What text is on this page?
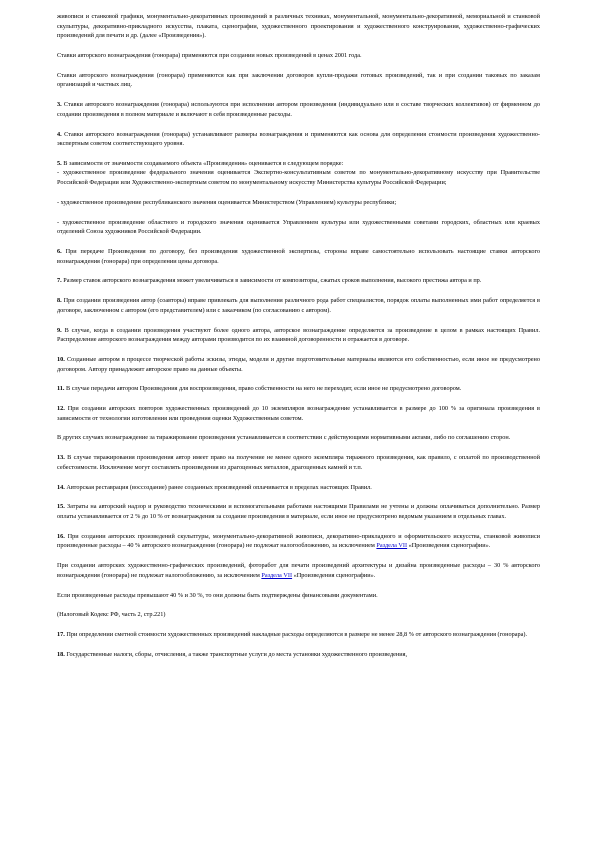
живописи и станковой графики, монументально-декоративных произведений в различных техниках, монументальной, монументально-декоративной, мемориальной и станковой скульптуры, декоративно-прикладного искусства, плаката, сценографии, художественного проектирования и художественного конструирования, художественно-графических произведений для печати и др. (далее «Произведения»).

Ставки авторского вознаграждения (гонорара) применяются при создании новых произведений в ценах 2001 года.

Ставки авторского вознаграждения (гонорара) применяются как при заключении договоров купли-продажи готовых произведений, так и при создании таковых по заказам организаций и частных лиц.

3. Ставки авторского вознаграждения (гонорара) используются при исполнении автором произведения (индивидуально или в составе творческих коллективов) от фирменном до создании произведения в полном материале и включают в себя произведенные расходы.

4. Ставки авторского вознаграждения (гонорара) устанавливают размеры вознаграждения и применяются как основа для определения стоимости произведения художественно-экспертным советом соответствующего уровня.

5. В зависимости от значимости создаваемого объекта «Произведения» оценивается в следующем порядке:

- художественное произведение федерального значения оценивается Экспертно-консультативным советом по монументально-декоративному искусству при Правительстве Российской Федерации или Художественно-экспертным советом по монументальному искусству Министерства культуры Российской Федерации;

- художественное произведение республиканского значения оценивается Министерством (Управлением) культуры республики;

- художественное произведение областного и городского значения оценивается Управлением культуры или художественными советами городских, областных или краевых отделений Союза художников Российской Федерации.

6. При передаче Произведения по договору, без произведения художественной экспертизы, стороны вправе самостоятельно использовать настоящие ставки авторского вознаграждения (гонорара) при определении цены договора.

7. Размер ставок авторского вознаграждения может увеличиваться в зависимости от композиторы, сжатых сроков выполнения, высокого престижа автора и пр.

8. При создании произведения автор (соавторы) вправе привлекать для выполнения различного рода работ специалистов, порядок оплаты выполненных ими работ определяется в договоре, заключенном с автором (его представителем) или с заказчиком (по согласованию с автором).

9. В случае, когда в создании произведения участвуют более одного автора, авторское вознаграждение определяется за произведение в целом в рамках настоящих Правил. Распределение авторского вознаграждения между авторами производится по их взаимной договоренности и отражается в договоре.

10. Созданные автором в процессе творческой работы эскизы, этюды, модели и другие подготовительные материалы являются его собственностью, если иное не предусмотрено договором. Автору принадлежит авторское право на данные объекты.

11. В случае передачи автором Произведения для воспроизведения, право собственности на него не переходит, если иное не предусмотрено договором.

12. При создании авторских повторов художественных произведений до 10 экземпляров вознаграждение устанавливается в размере до 100 % за оригинала произведения в зависимости от технологии изготовления или проведения оценки Художественным советом.

В других случаях вознаграждение за тиражирование произведения устанавливается в соответствии с действующими нормативными актами, либо по соглашению сторон.

13. В случае тиражирования произведения автор имеет право на получение не менее одного экземпляра тиражного произведения, как правило, с оплатой по производственной себестоимости. Исключение могут составлять произведения из драгоценных металлов, драгоценных камней и т.п.

14. Авторская реставрация (воссоздание) ранее созданных произведений оплачивается в пределах настоящих Правил.

15. Затраты на авторский надзор и руководство техническими и вспомогательными работами настоящими Правилами не учтены и должны оплачиваться дополнительно. Размер оплаты устанавливается от 2 % до 10 % от вознаграждения за создание произведения в материале, если иное не предусмотрено ведомым указанием в отдельных главах.

16. При создании авторских произведений скульптуры, монументально-декоративной живописи, декоративно-прикладного и оформительского искусства, станковой живописи произведенные расходы – 40 % авторского вознаграждения (гонорара) не подлежат налогообложению, за исключением Раздела VII «Произведения сценографии».

При создании авторских художественно-графических произведений, фоторабот для печати произведений архитектуры и дизайна произведенные расходы – 30 % авторского вознаграждения (гонорара) не подлежат налогообложению, за исключением Раздела VII «Произведения сценографии».

Если произведенные расходы превышают 40 % и 30 %, то они должны быть подтверждены финансовыми документами.

(Налоговый Кодекс РФ, часть 2, стр.221)

17. При определении сметной стоимости художественных произведений накладные расходы определяются в размере не менее 28,8 % от авторского вознаграждения (гонорара).

18. Государственные налоги, сборы, отчисления, а также транспортные услуги до места установки художественного произведения,
